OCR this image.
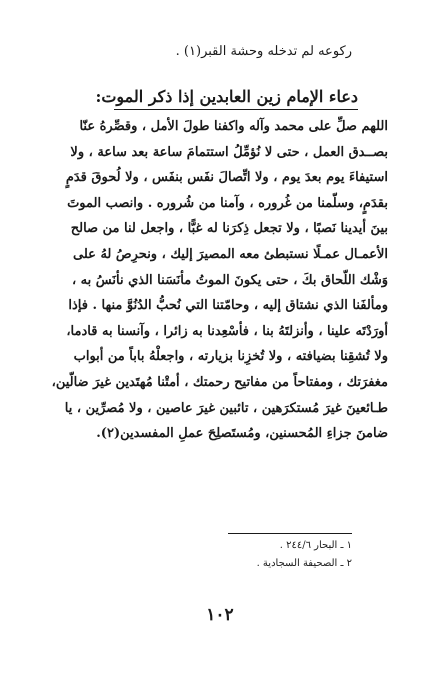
ركوعه لم تدخله وحشة القبر(١) .
دعاء الإمام زين العابدين إذا ذكر الموت:
اللهم صلِّ على محمد وآله واكفنا طولَ الأمل ، وقصِّرهُ عنّا
بصــدق العمل ، حتى لا نُؤمِّلُ استتمامَ ساعة بعد ساعة ، ولا
استيفاءَ يوم بعدَ يوم ، ولا اتِّصالَ نفَس بنفَس ، ولا لُحوقَ قدَمٍ
بقدَمٍ، وسلّمنا من غُروره ، وآمنا من شُروره . وانصب الموتَ
بينَ أيدينا نَصبًا ، ولا تجعل ذِكرَنا له غبًّا ، واجعل لنا من صالح
الأعمـال عمـلًا نستبطئ معه المصيرَ إليك ، ونحرِصُ لهُ على
وَشْك اللّحاق بكَ ، حتى يكونَ الموتُ مأنَسَنا الذي نأنَسُ به ،
ومألفَنا الذي نشتاق إليه ، وحامّتنا التي نُحبُّ الدُنُوَّ منها . فإذا
أورَدْتَه علينا ، وأنزلتَهُ بنا ، فأسْعِدنا به زائرا ، وآنسنا به قادما،
ولا تُشقِنا بضيافته ، ولا تُخزِنا بزيارته ، واجعلْهُ باباً من أبواب
مغفرَتك ، ومفتاحاً من مفاتيح رحمتك ، أمتْنا مُهتَدين غيرَ ضالّين،
طـائعينَ غيرَ مُستكرَهين ، تائبين غيرَ عاصين ، ولا مُصرِّين ، يا
ضامنَ جزاءِ المُحسنين، ومُستَصلِحَ عملِ المفسدين(٢).
١ ـ البحار ٢٤٤/٦ .
٢ ـ الصحيفة السجادية .
١٠٢
